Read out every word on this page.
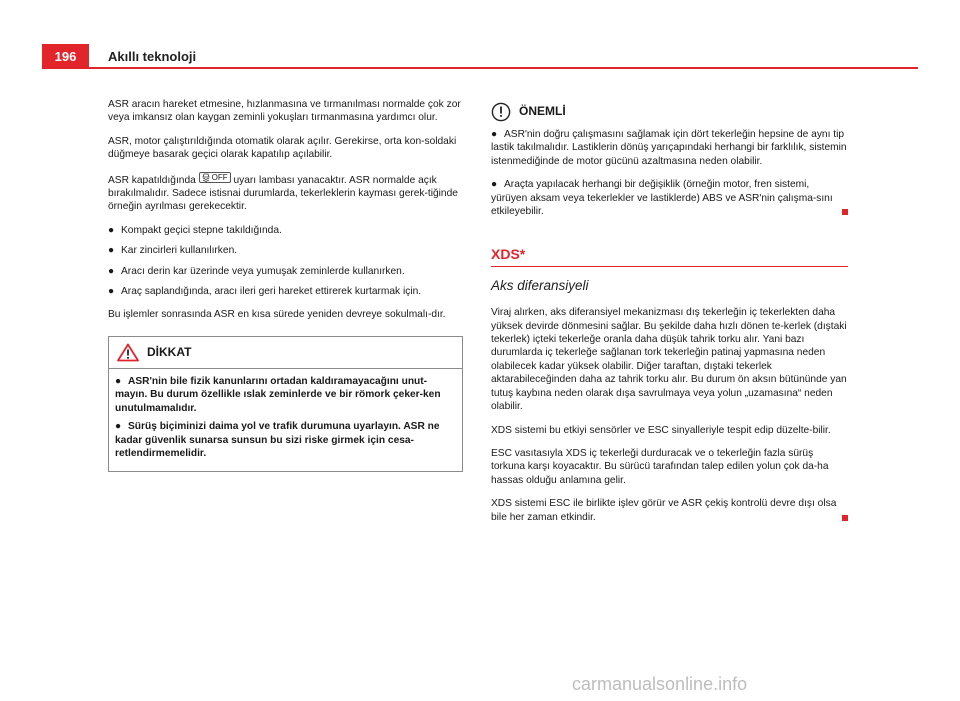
196	Akıllı teknoloji

ASR aracın hareket etmesine, hızlanmasına ve tırmanılması normalde çok zor veya imkansız olan kaygan zeminli yokuşları tırmanmasına yardımcı olur.

ASR, motor çalıştırıldığında otomatik olarak açılır. Gerekirse, orta kon-soldaki düğmeye basarak geçici olarak kapatılıp açılabilir.

ASR kapatıldığında OFF uyarı lambası yanacaktır. ASR normalde açık bırakılmalıdır. Sadece istisnai durumlarda, tekerleklerin kayması gerek-tiğinde örneğin ayrılması gerekecektir.

● Kompakt geçici stepne takıldığında.
● Kar zincirleri kullanılırken.
● Aracı derin kar üzerinde veya yumuşak zeminlerde kullanırken.
● Araç saplandığında, aracı ileri geri hareket ettirerek kurtarmak için.

Bu işlemler sonrasında ASR en kısa sürede yeniden devreye sokulmalı-dır.

DİKKAT

● ASR'nin bile fizik kanunlarını ortadan kaldıramayacağını unut-mayın. Bu durum özellikle ıslak zeminlerde ve bir römork çeker-ken unutulmamalıdır.

● Sürüş biçiminizi daima yol ve trafik durumuna uyarlayın. ASR ne kadar güvenlik sunarsa sunsun bu sizi riske girmek için cesa-retlendirmemelidir.

ÖNEMLİ

● ASR'nin doğru çalışmasını sağlamak için dört tekerleğin hepsine de aynı tip lastik takılmalıdır. Lastiklerin dönüş yarıçapındaki herhangi bir farklılık, sistemin istenmediğinde de motor gücünü azaltmasına neden olabilir.

● Araçta yapılacak herhangi bir değişiklik (örneğin motor, fren sistemi, yürüyen aksam veya tekerlekler ve lastiklerde) ABS ve ASR'nin çalışma-sını etkileyebilir.

XDS*
Aks diferansiyeli

Viraj alırken, aks diferansiyel mekanizması dış tekerleğin iç tekerlekten daha yüksek devirde dönmesini sağlar. Bu şekilde daha hızlı dönen te-kerlek (dıştaki tekerlek) içteki tekerleğe oranla daha düşük tahrik torku alır. Yani bazı durumlarda iç tekerleğe sağlanan tork tekerleğin patinaj yapmasına neden olabilecek kadar yüksek olabilir. Diğer taraftan, dıştaki tekerlek aktarabileceğinden daha az tahrik torku alır. Bu durum ön aksın bütününde yan tutuş kaybına neden olarak dışa savrulmaya veya yolun „uzamasına“ neden olabilir.

XDS sistemi bu etkiyi sensörler ve ESC sinyalleriyle tespit edip düzelte-bilir.

ESC vasıtasıyla XDS iç tekerleği durduracak ve o tekerleğin fazla sürüş torkuna karşı koyacaktır. Bu sürücü tarafından talep edilen yolun çok da-ha hassas olduğu anlamına gelir.

XDS sistemi ESC ile birlikte işlev görür ve ASR çekiş kontrolü devre dışı olsa bile her zaman etkindir.

carmanualsonline.info
